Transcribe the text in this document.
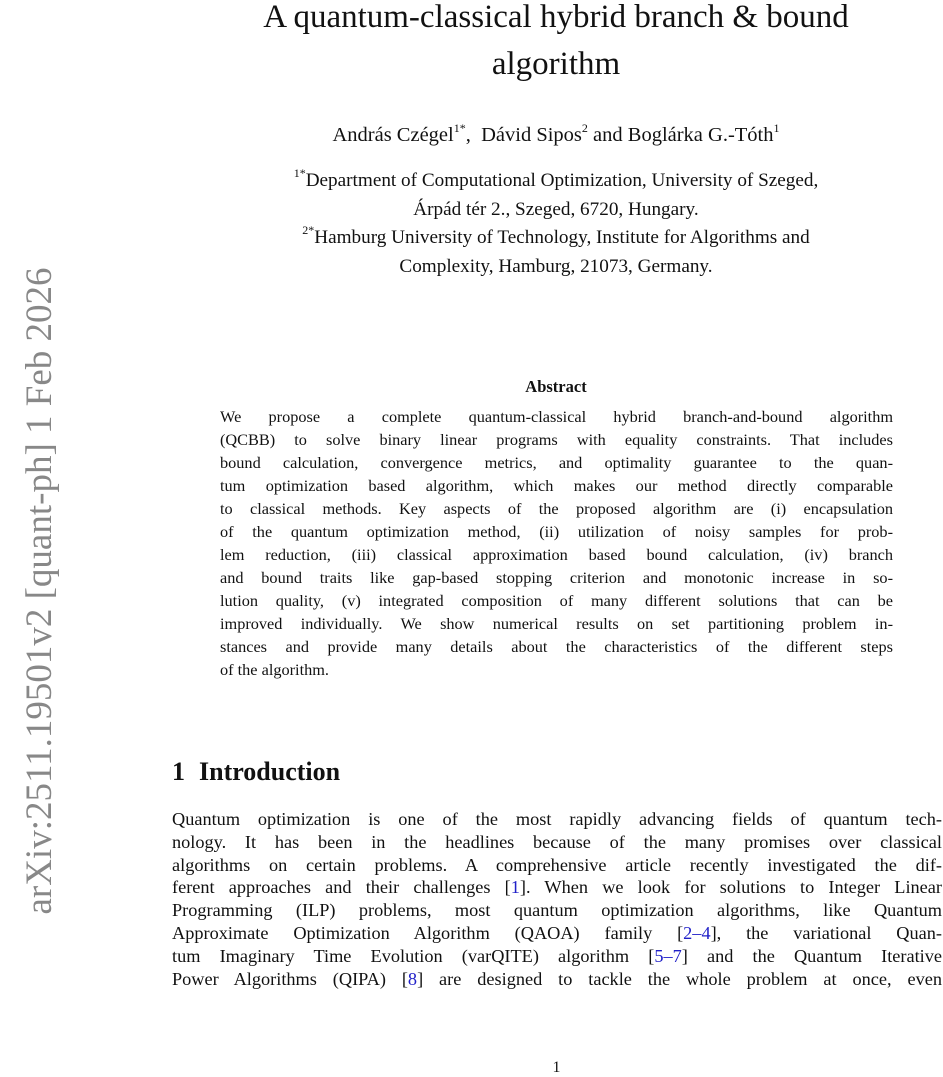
arXiv:2511.19501v2 [quant-ph] 1 Feb 2026
A quantum-classical hybrid branch & bound
algorithm
András Czégel$^{1*}$,  Dávid Sipos$^2$ and Boglárka G.-Tóth$^1$
$^{1*}$Department of Computational Optimization, University of Szeged,
Árpád tér 2., Szeged, 6720, Hungary.
$^{2*}$Hamburg University of Technology, Institute for Algorithms and
Complexity, Hamburg, 21073, Germany.
Abstract
We propose a complete quantum-classical hybrid branch-and-bound algorithm
(QCBB) to solve binary linear programs with equality constraints. That includes
bound calculation, convergence metrics, and optimality guarantee to the quan-
tum optimization based algorithm, which makes our method directly comparable
to classical methods. Key aspects of the proposed algorithm are (i) encapsulation
of the quantum optimization method, (ii) utilization of noisy samples for prob-
lem reduction, (iii) classical approximation based bound calculation, (iv) branch
and bound traits like gap-based stopping criterion and monotonic increase in so-
lution quality, (v) integrated composition of many different solutions that can be
improved individually. We show numerical results on set partitioning problem in-
stances and provide many details about the characteristics of the different steps
of the algorithm.
1 Introduction
Quantum optimization is one of the most rapidly advancing fields of quantum tech-
nology. It has been in the headlines because of the many promises over classical
algorithms on certain problems. A comprehensive article recently investigated the dif-
ferent approaches and their challenges [1]. When we look for solutions to Integer Linear
Programming (ILP) problems, most quantum optimization algorithms, like Quantum
Approximate Optimization Algorithm (QAOA) family [2–4], the variational Quan-
tum Imaginary Time Evolution (varQITE) algorithm [5–7] and the Quantum Iterative
Power Algorithms (QIPA) [8] are designed to tackle the whole problem at once, even
1
